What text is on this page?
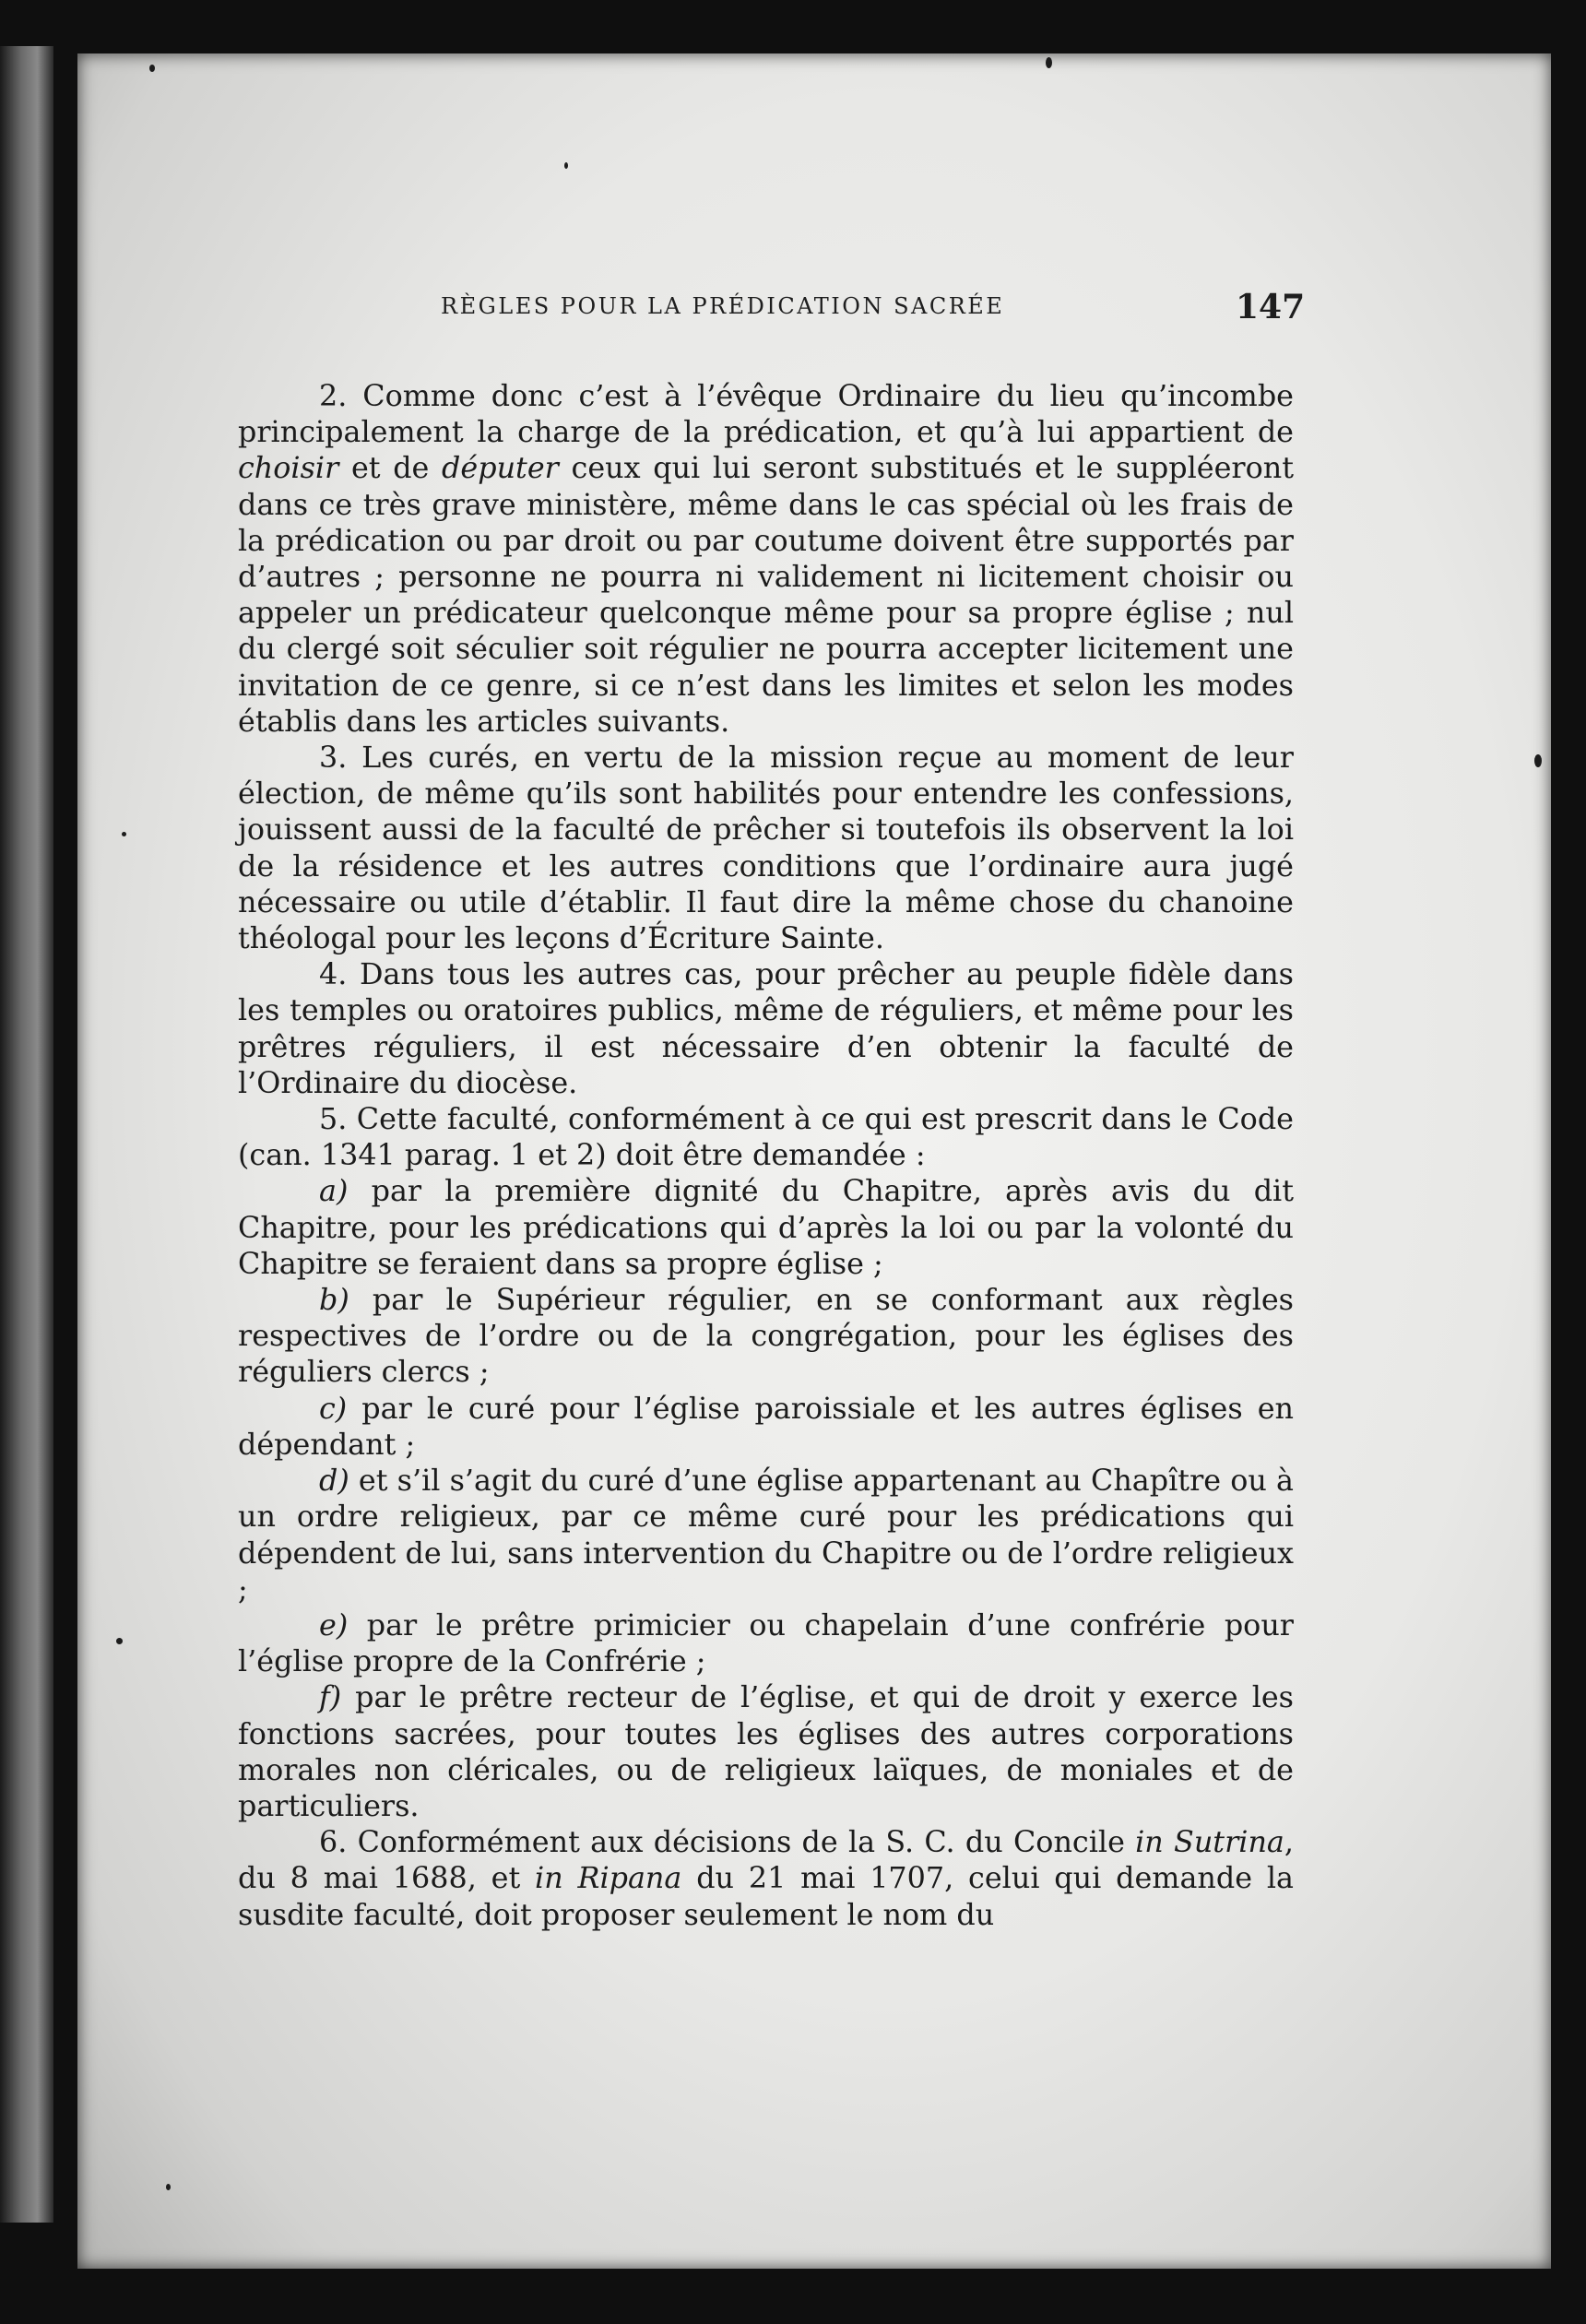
RÈGLES POUR LA PRÉDICATION SACRÉE	147

2. Comme donc c’est à l’évêque Ordinaire du lieu qu’incombe principalement la charge de la prédication, et qu’à lui appartient de choisir et de députer ceux qui lui seront substitués et le suppléeront dans ce très grave ministère, même dans le cas spécial où les frais de la prédication ou par droit ou par coutume doivent être supportés par d’autres ; personne ne pourra ni validement ni licitement choisir ou appeler un prédicateur quelconque même pour sa propre église ; nul du clergé soit séculier soit régulier ne pourra accepter licitement une invitation de ce genre, si ce n’est dans les limites et selon les modes établis dans les articles suivants.

3. Les curés, en vertu de la mission reçue au moment de leur élection, de même qu’ils sont habilités pour entendre les confessions, jouissent aussi de la faculté de prêcher si toutefois ils observent la loi de la résidence et les autres conditions que l’ordinaire aura jugé nécessaire ou utile d’établir. Il faut dire la même chose du chanoine théologal pour les leçons d’Écriture Sainte.

4. Dans tous les autres cas, pour prêcher au peuple fidèle dans les temples ou oratoires publics, même de réguliers, et même pour les prêtres réguliers, il est nécessaire d’en obtenir la faculté de l’Ordinaire du diocèse.

5. Cette faculté, conformément à ce qui est prescrit dans le Code (can. 1341 parag. 1 et 2) doit être demandée :

a) par la première dignité du Chapitre, après avis du dit Chapitre, pour les prédications qui d’après la loi ou par la volonté du Chapitre se feraient dans sa propre église ;

b) par le Supérieur régulier, en se conformant aux règles respectives de l’ordre ou de la congrégation, pour les églises des réguliers clercs ;

c) par le curé pour l’église paroissiale et les autres églises en dépendant ;

d) et s’il s’agit du curé d’une église appartenant au Chapître ou à un ordre religieux, par ce même curé pour les prédications qui dépendent de lui, sans intervention du Chapitre ou de l’ordre religieux ;

e) par le prêtre primicier ou chapelain d’une confrérie pour l’église propre de la Confrérie ;

f) par le prêtre recteur de l’église, et qui de droit y exerce les fonctions sacrées, pour toutes les églises des autres corporations morales non cléricales, ou de religieux laïques, de moniales et de particuliers.

6. Conformément aux décisions de la S. C. du Concile in Sutrina, du 8 mai 1688, et in Ripana du 21 mai 1707, celui qui demande la susdite faculté, doit proposer seulement le nom du
